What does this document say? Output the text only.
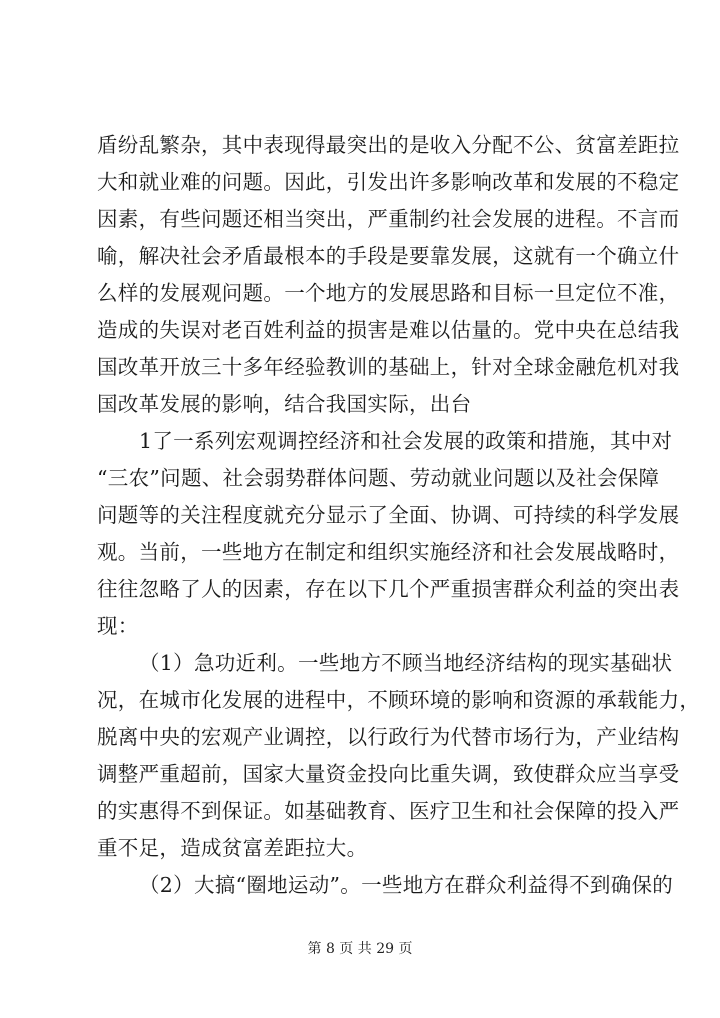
盾纷乱繁杂，其中表现得最突出的是收入分配不公、贫富差距拉
大和就业难的问题。因此，引发出许多影响改革和发展的不稳定
因素，有些问题还相当突出，严重制约社会发展的进程。不言而
喻，解决社会矛盾最根本的手段是要靠发展，这就有一个确立什
么样的发展观问题。一个地方的发展思路和目标一旦定位不准，
造成的失误对老百姓利益的损害是难以估量的。党中央在总结我
国改革开放三十多年经验教训的基础上，针对全球金融危机对我
国改革发展的影响，结合我国实际，出台
1了一系列宏观调控经济和社会发展的政策和措施，其中对
“三农”问题、社会弱势群体问题、劳动就业问题以及社会保障
问题等的关注程度就充分显示了全面、协调、可持续的科学发展
观。当前，一些地方在制定和组织实施经济和社会发展战略时，
往往忽略了人的因素，存在以下几个严重损害群众利益的突出表
现：
（1）急功近利。一些地方不顾当地经济结构的现实基础状
况，在城市化发展的进程中，不顾环境的影响和资源的承载能力，
脱离中央的宏观产业调控，以行政行为代替市场行为，产业结构
调整严重超前，国家大量资金投向比重失调，致使群众应当享受
的实惠得不到保证。如基础教育、医疗卫生和社会保障的投入严
重不足，造成贫富差距拉大。
（2）大搞“圈地运动”。一些地方在群众利益得不到确保的
第 8 页 共 29 页
